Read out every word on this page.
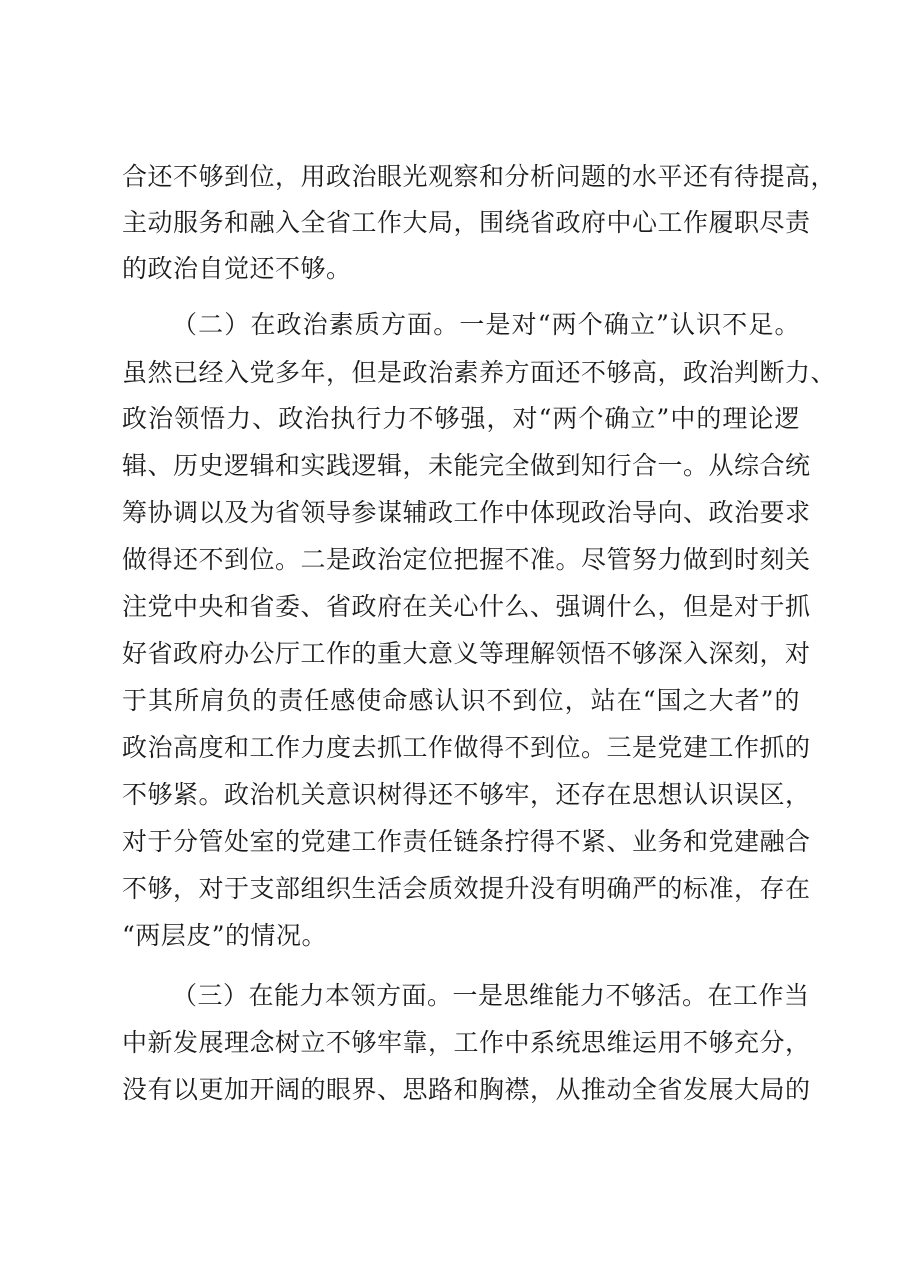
合还不够到位，用政治眼光观察和分析问题的水平还有待提高，
主动服务和融入全省工作大局，围绕省政府中心工作履职尽责
的政治自觉还不够。
（二）在政治素质方面。一是对“两个确立”认识不足。
虽然已经入党多年，但是政治素养方面还不够高，政治判断力、
政治领悟力、政治执行力不够强，对“两个确立”中的理论逻
辑、历史逻辑和实践逻辑，未能完全做到知行合一。从综合统
筹协调以及为省领导参谋辅政工作中体现政治导向、政治要求
做得还不到位。二是政治定位把握不准。尽管努力做到时刻关
注党中央和省委、省政府在关心什么、强调什么，但是对于抓
好省政府办公厅工作的重大意义等理解领悟不够深入深刻，对
于其所肩负的责任感使命感认识不到位，站在“国之大者”的
政治高度和工作力度去抓工作做得不到位。三是党建工作抓的
不够紧。政治机关意识树得还不够牢，还存在思想认识误区，
对于分管处室的党建工作责任链条拧得不紧、业务和党建融合
不够，对于支部组织生活会质效提升没有明确严的标准，存在
“两层皮”的情况。
（三）在能力本领方面。一是思维能力不够活。在工作当
中新发展理念树立不够牢靠，工作中系统思维运用不够充分，
没有以更加开阔的眼界、思路和胸襟，从推动全省发展大局的
